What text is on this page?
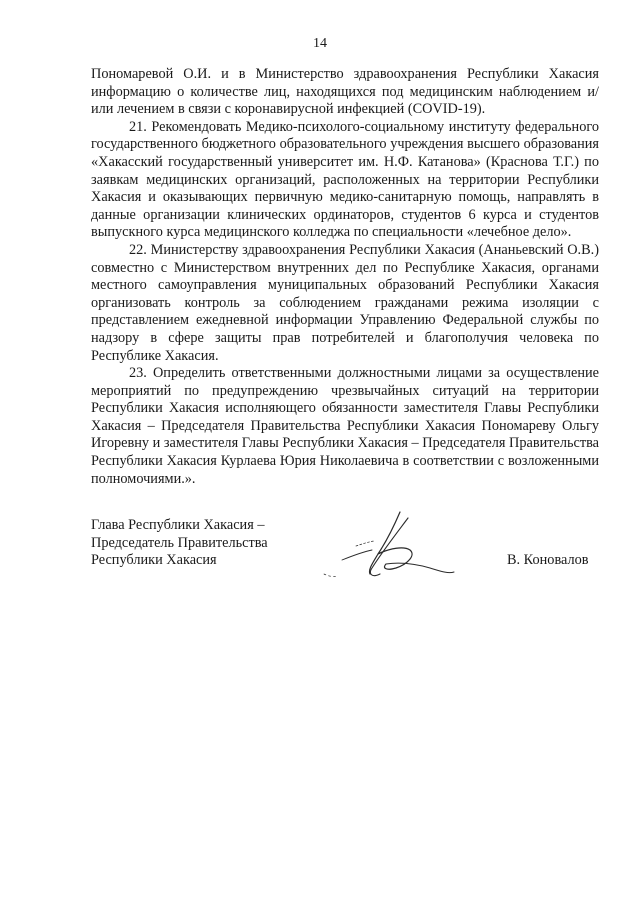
14

Пономаревой О.И. и в Министерство здравоохранения Республики Хакасия информацию о количестве лиц, находящихся под медицинским наблюдением и/или лечением в связи с коронавирусной инфекцией (COVID-19).

21. Рекомендовать Медико-психолого-социальному институту федерального государственного бюджетного образовательного учреждения высшего образования «Хакасский государственный университет им. Н.Ф. Катанова» (Краснова Т.Г.) по заявкам медицинских организаций, расположенных на территории Республики Хакасия и оказывающих первичную медико-санитарную помощь, направлять в данные организации клинических ординаторов, студентов 6 курса и студентов выпускного курса медицинского колледжа по специальности «лечебное дело».

22. Министерству здравоохранения Республики Хакасия (Ананьевский О.В.) совместно с Министерством внутренних дел по Республике Хакасия, органами местного самоуправления муниципальных образований Республики Хакасия организовать контроль за соблюдением гражданами режима изоляции с представлением ежедневной информации Управлению Федеральной службы по надзору в сфере защиты прав потребителей и благополучия человека по Республике Хакасия.

23. Определить ответственными должностными лицами за осуществление мероприятий по предупреждению чрезвычайных ситуаций на территории Республики Хакасия исполняющего обязанности заместителя Главы Республики Хакасия – Председателя Правительства Республики Хакасия Пономареву Ольгу Игоревну и заместителя Главы Республики Хакасия – Председателя Правительства Республики Хакасия Курлаева Юрия Николаевича в соответствии с возложенными полномочиями.».

Глава Республики Хакасия –
Председатель Правительства
Республики Хакасия	В. Коновалов
